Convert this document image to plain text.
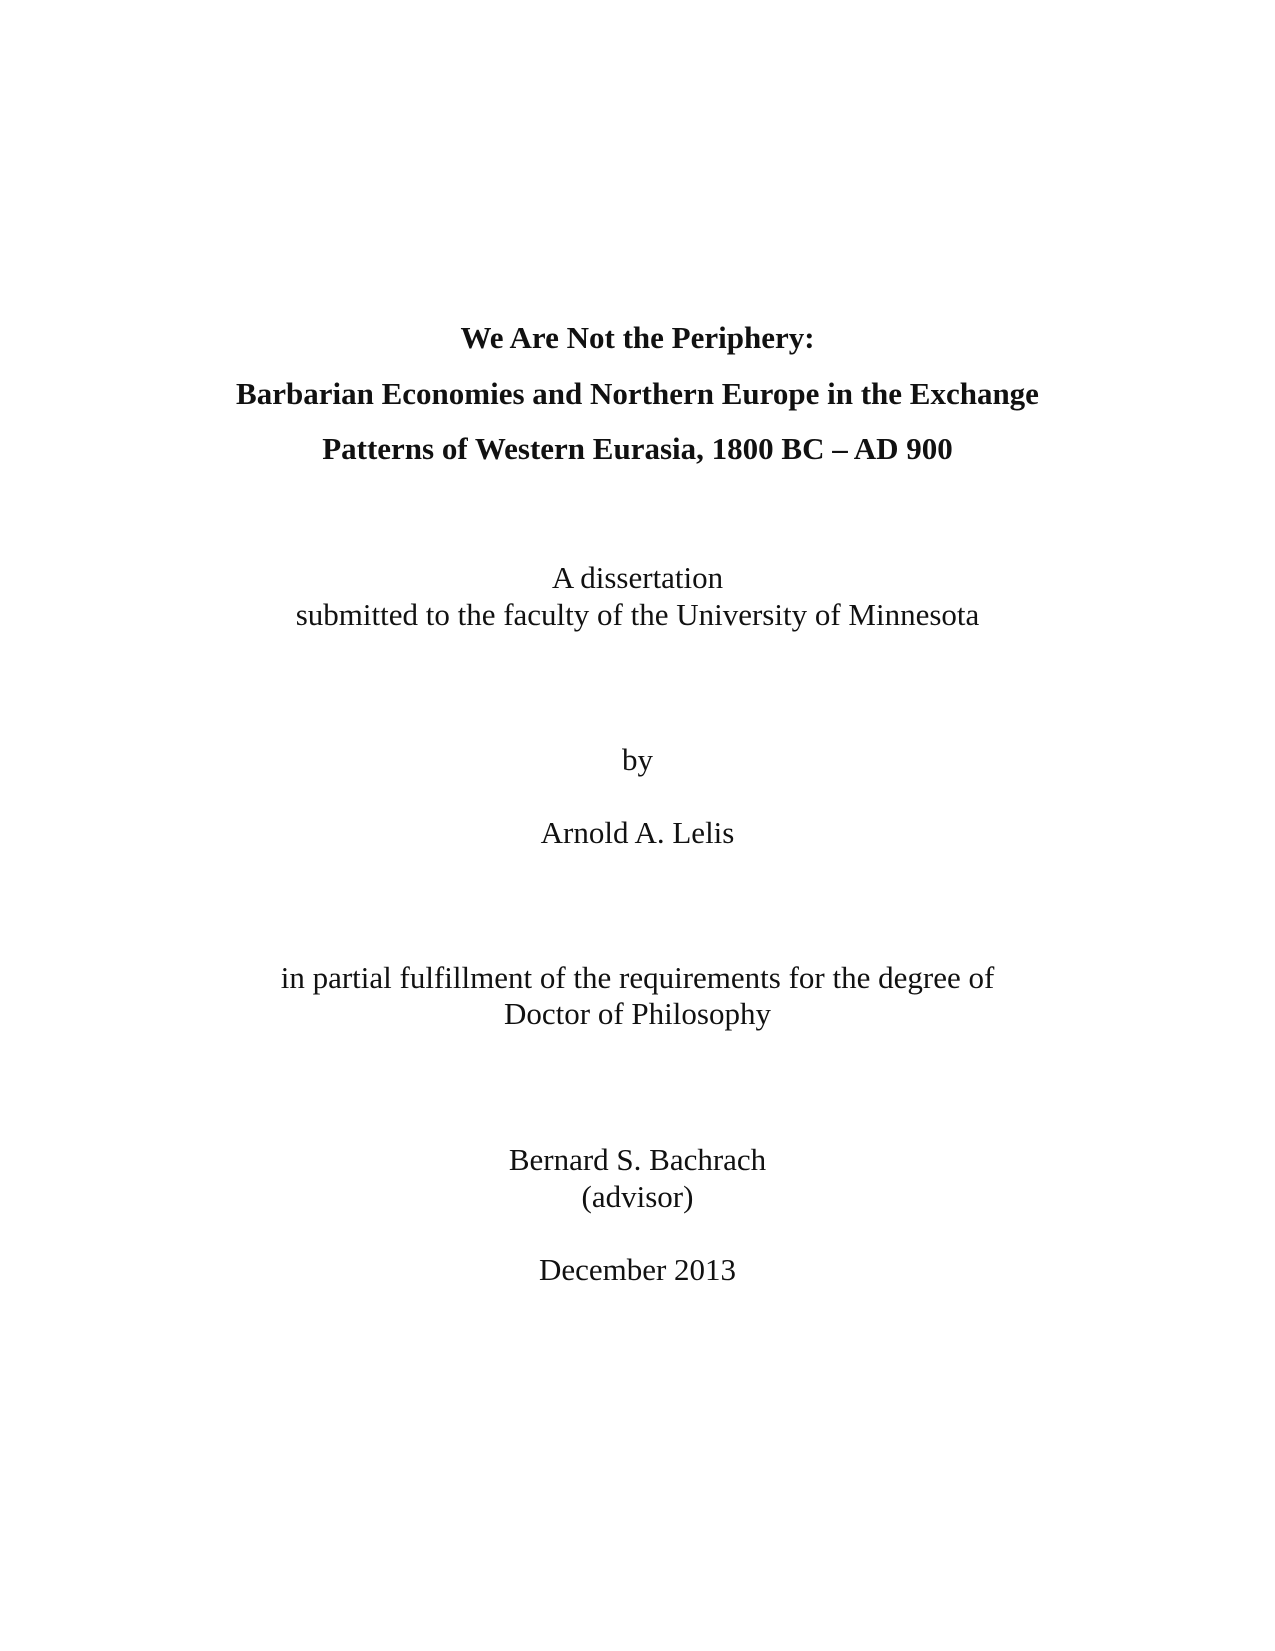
We Are Not the Periphery:
Barbarian Economies and Northern Europe in the Exchange
Patterns of Western Eurasia, 1800 BC – AD 900
A dissertation
submitted to the faculty of the University of Minnesota
by
Arnold A. Lelis
in partial fulfillment of the requirements for the degree of
Doctor of Philosophy
Bernard S. Bachrach
(advisor)
December 2013
